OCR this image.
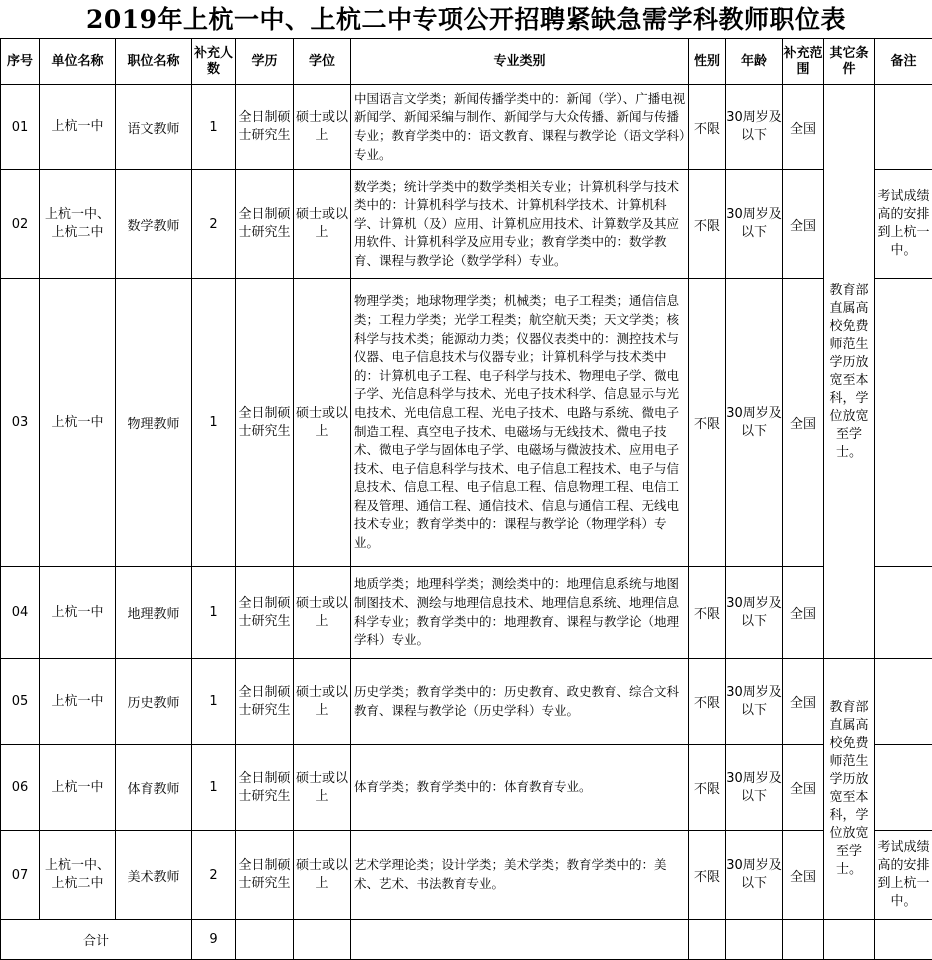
2019年上杭一中、上杭二中专项公开招聘紧缺急需学科教师职位表
序号	单位名称	职位名称	补充人数	学历	学位	专业类别	性别	年龄	补充范围	其它条件	备注
01	上杭一中	语文教师	1	全日制硕士研究生	硕士或以上	中国语言文学类；新闻传播学类中的：新闻（学）、广播电视新闻学、新闻采编与制作、新闻学与大众传播、新闻与传播专业；教育学类中的：语文教育、课程与教学论（语文学科）专业。	不限	30周岁及以下	全国	教育部直属高校免费师范生学历放宽至本科，学位放宽至学士。	
02	上杭一中、上杭二中	数学教师	2	全日制硕士研究生	硕士或以上	数学类；统计学类中的数学类相关专业；计算机科学与技术类中的：计算机科学与技术、计算机科学技术、计算机科学、计算机（及）应用、计算机应用技术、计算数学及其应用软件、计算机科学及应用专业；教育学类中的：数学教育、课程与教学论（数学学科）专业。	不限	30周岁及以下	全国		考试成绩高的安排到上杭一中。
03	上杭一中	物理教师	1	全日制硕士研究生	硕士或以上	物理学类；地球物理学类；机械类；电子工程类；通信信息类；工程力学类；光学工程类；航空航天类；天文学类；核科学与技术类；能源动力类；仪器仪表类中的：测控技术与仪器、电子信息技术与仪器专业；计算机科学与技术类中的：计算机电子工程、电子科学与技术、物理电子学、微电子学、光信息科学与技术、光电子技术科学、信息显示与光电技术、光电信息工程、光电子技术、电路与系统、微电子制造工程、真空电子技术、电磁场与无线技术、微电子技术、微电子学与固体电子学、电磁场与微波技术、应用电子技术、电子信息科学与技术、电子信息工程技术、电子与信息技术、信息工程、电子信息工程、信息物理工程、电信工程及管理、通信工程、通信技术、信息与通信工程、无线电技术专业；教育学类中的：课程与教学论（物理学科）专业。	不限	30周岁及以下	全国		
04	上杭一中	地理教师	1	全日制硕士研究生	硕士或以上	地质学类；地理科学类；测绘类中的：地理信息系统与地图制图技术、测绘与地理信息技术、地理信息系统、地理信息科学专业；教育学类中的：地理教育、课程与教学论（地理学科）专业。	不限	30周岁及以下	全国		
05	上杭一中	历史教师	1	全日制硕士研究生	硕士或以上	历史学类；教育学类中的：历史教育、政史教育、综合文科教育、课程与教学论（历史学科）专业。	不限	30周岁及以下	全国	教育部直属高校免费师范生学历放宽至本科，学位放宽至学士。	
06	上杭一中	体育教师	1	全日制硕士研究生	硕士或以上	体育学类；教育学类中的：体育教育专业。	不限	30周岁及以下	全国		
07	上杭一中、上杭二中	美术教师	2	全日制硕士研究生	硕士或以上	艺术学理论类；设计学类；美术学类；教育学类中的：美术、艺术、书法教育专业。	不限	30周岁及以下	全国		考试成绩高的安排到上杭一中。
合计			9								
